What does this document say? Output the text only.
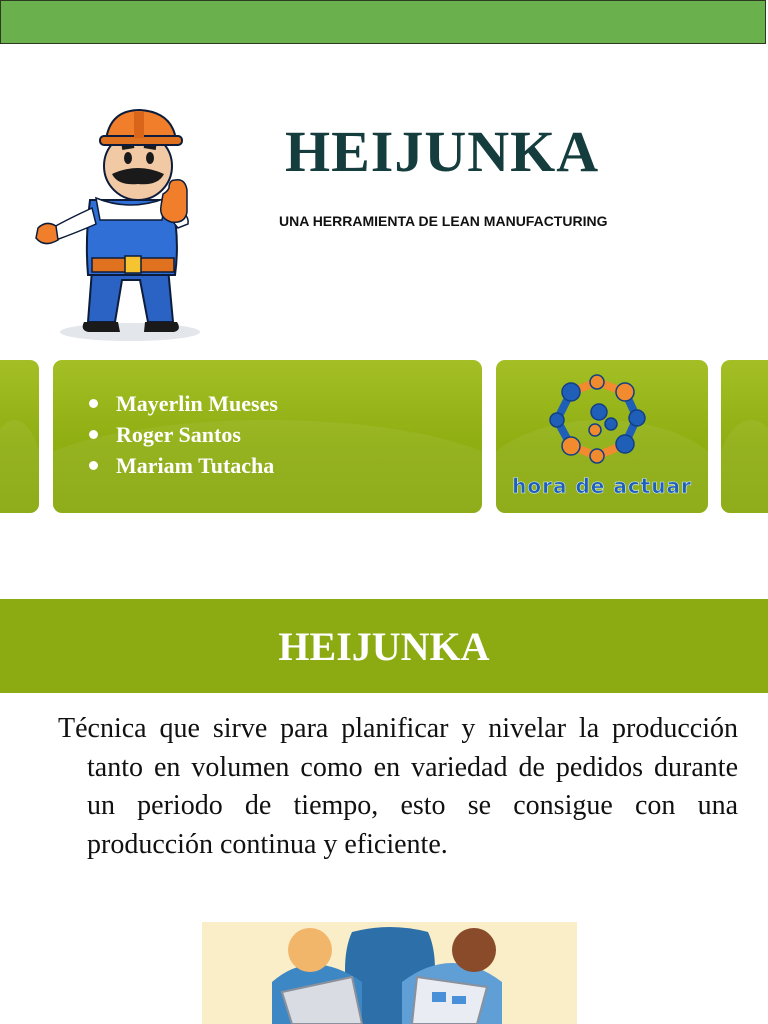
HEIJUNKA
UNA HERRAMIENTA DE LEAN MANUFACTURING
Mayerlin Mueses
Roger Santos
Mariam Tutacha
hora de actuar
HEIJUNKA
Técnica que sirve para planificar y nivelar la producción tanto en volumen como en variedad de pedidos durante un periodo de tiempo, esto se consigue con una producción continua y eficiente.
